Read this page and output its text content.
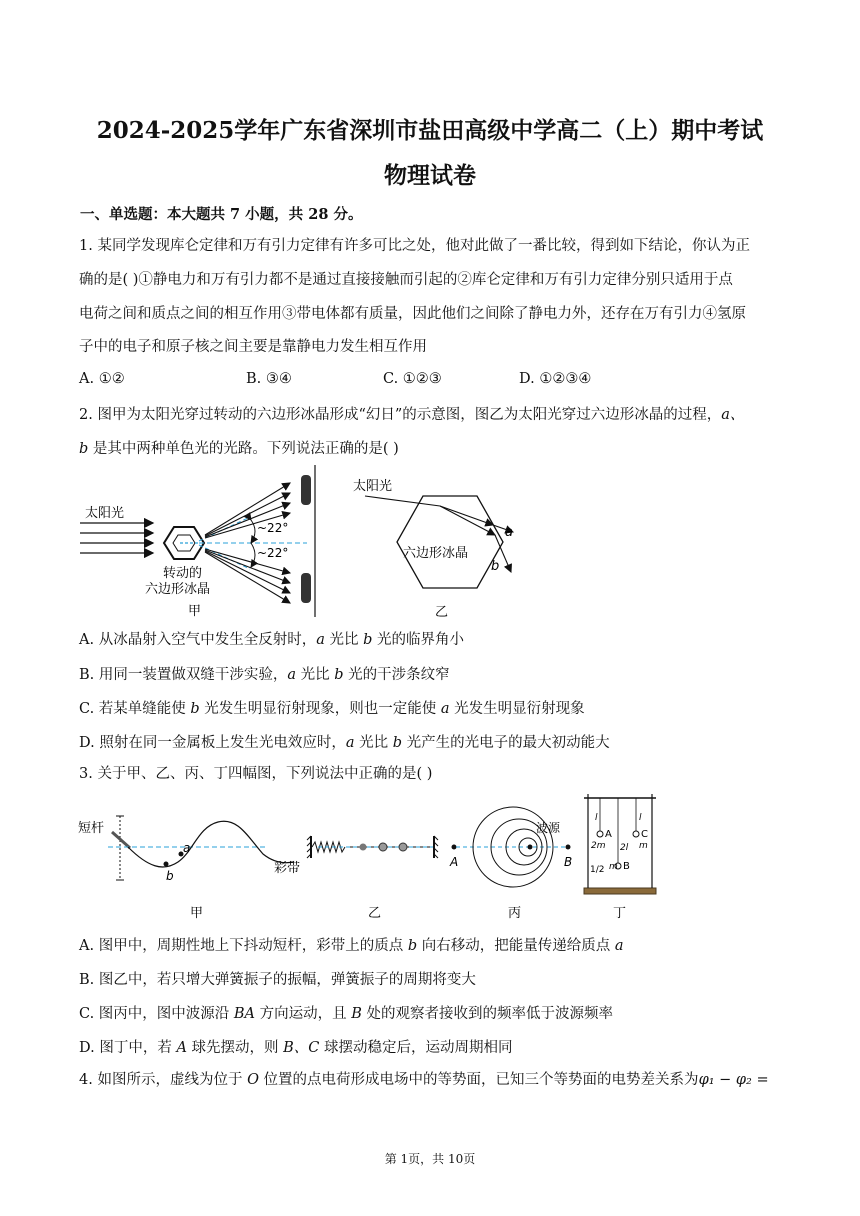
2024-2025学年广东省深圳市盐田高级中学高二（上）期中考试
物理试卷
一、单选题：本大题共 7 小题，共 28 分。
1. 某同学发现库仑定律和万有引力定律有许多可比之处，他对此做了一番比较，得到如下结论，你认为正
确的是( )①静电力和万有引力都不是通过直接接触而引起的②库仑定律和万有引力定律分别只适用于点
电荷之间和质点之间的相互作用③带电体都有质量，因此他们之间除了静电力外，还存在万有引力④氢原
子中的电子和原子核之间主要是靠静电力发生相互作用
A. ①②	B. ③④	C. ①②③	D. ①②③④
2. 图甲为太阳光穿过转动的六边形冰晶形成“幻日”的示意图，图乙为太阳光穿过六边形冰晶的过程，a、
b 是其中两种单色光的光路。下列说法正确的是( )
太阳光
~22°
~22°
转动的
六边形冰晶
甲
太阳光
a
b
六边形冰晶
乙
A. 从冰晶射入空气中发生全反射时，a 光比 b 光的临界角小
B. 用同一装置做双缝干涉实验，a 光比 b 光的干涉条纹窄
C. 若某单缝能使 b 光发生明显衍射现象，则也一定能使 a 光发生明显衍射现象
D. 照射在同一金属板上发生光电效应时，a 光比 b 光产生的光电子的最大初动能大
3. 关于甲、乙、丙、丁四幅图，下列说法中正确的是( )
短杆
a
b	彩带
甲	乙
A
波源
B
丙
A
B
C
l	l
2l
2m	m
1/2 m
丁
A. 图甲中，周期性地上下抖动短杆，彩带上的质点 b 向右移动，把能量传递给质点 a
B. 图乙中，若只增大弹簧振子的振幅，弹簧振子的周期将变大
C. 图丙中，图中波源沿 BA 方向运动，且 B 处的观察者接收到的频率低于波源频率
D. 图丁中，若 A 球先摆动，则 B、C 球摆动稳定后，运动周期相同
4. 如图所示，虚线为位于 O 位置的点电荷形成电场中的等势面，已知三个等势面的电势差关系为φ₁ − φ₂ =
第 1页，共 10页
